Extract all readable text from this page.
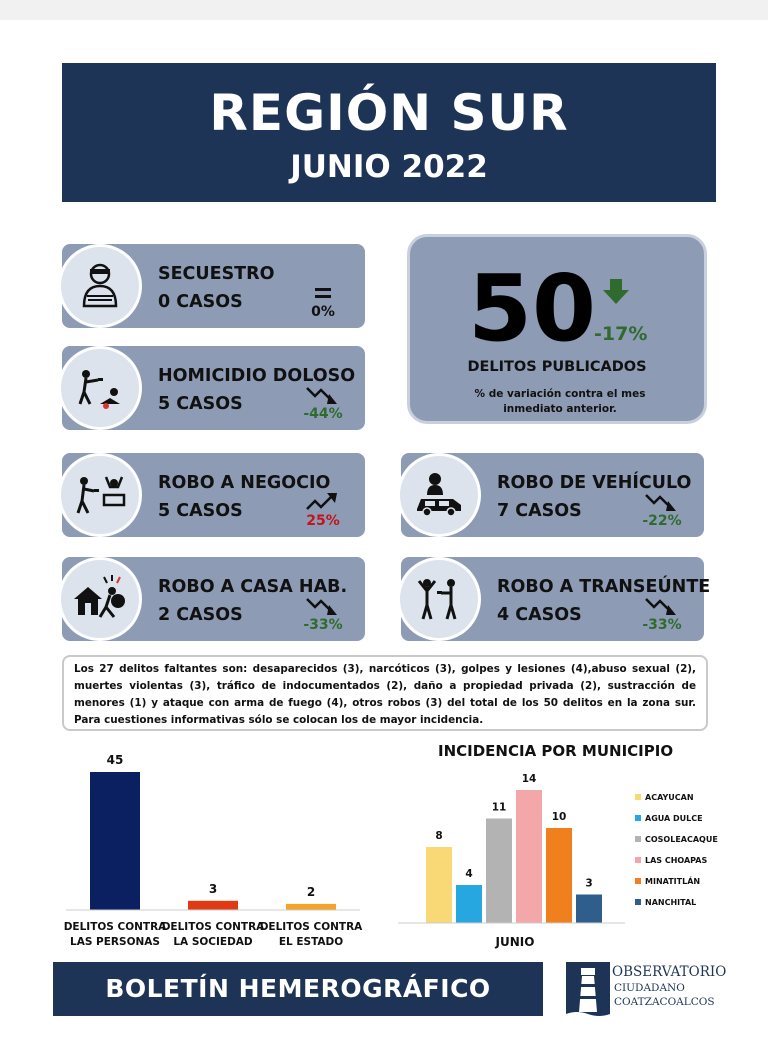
REGIÓN SUR
JUNIO 2022
SECUESTRO
0 CASOS	0%
HOMICIDIO DOLOSO
5 CASOS	-44%
ROBO A NEGOCIO
5 CASOS	25%
ROBO DE VEHÍCULO
7 CASOS	-22%
ROBO A CASA HAB.
2 CASOS	-33%
ROBO A TRANSEÚNTE
4 CASOS	-33%
50
-17%
DELITOS PUBLICADOS
% de variación contra el mes inmediato anterior.
Los 27 delitos faltantes son: desaparecidos (3), narcóticos (3), golpes y lesiones (4),abuso sexual (2), muertes violentas (3), tráfico de indocumentados (2), daño a propiedad privada (2), sustracción de menores (1) y ataque con arma de fuego (4), otros robos (3) del total de los 50 delitos en la zona sur. Para cuestiones informativas sólo se colocan los de mayor incidencia.
45
DELITOS CONTRA
LAS PERSONAS
3
DELITOS CONTRA
LA SOCIEDAD
2
DELITOS CONTRA
EL ESTADO
INCIDENCIA POR MUNICIPIO
8
ACAYUCAN
4
AGUA DULCE
11
COSOLEACAQUE
14
LAS CHOAPAS
10
MINATITLÁN
3
NANCHITAL
JUNIO
BOLETÍN HEMEROGRÁFICO
OBSERVATORIO
CIUDADANO
COATZACOALCOS
